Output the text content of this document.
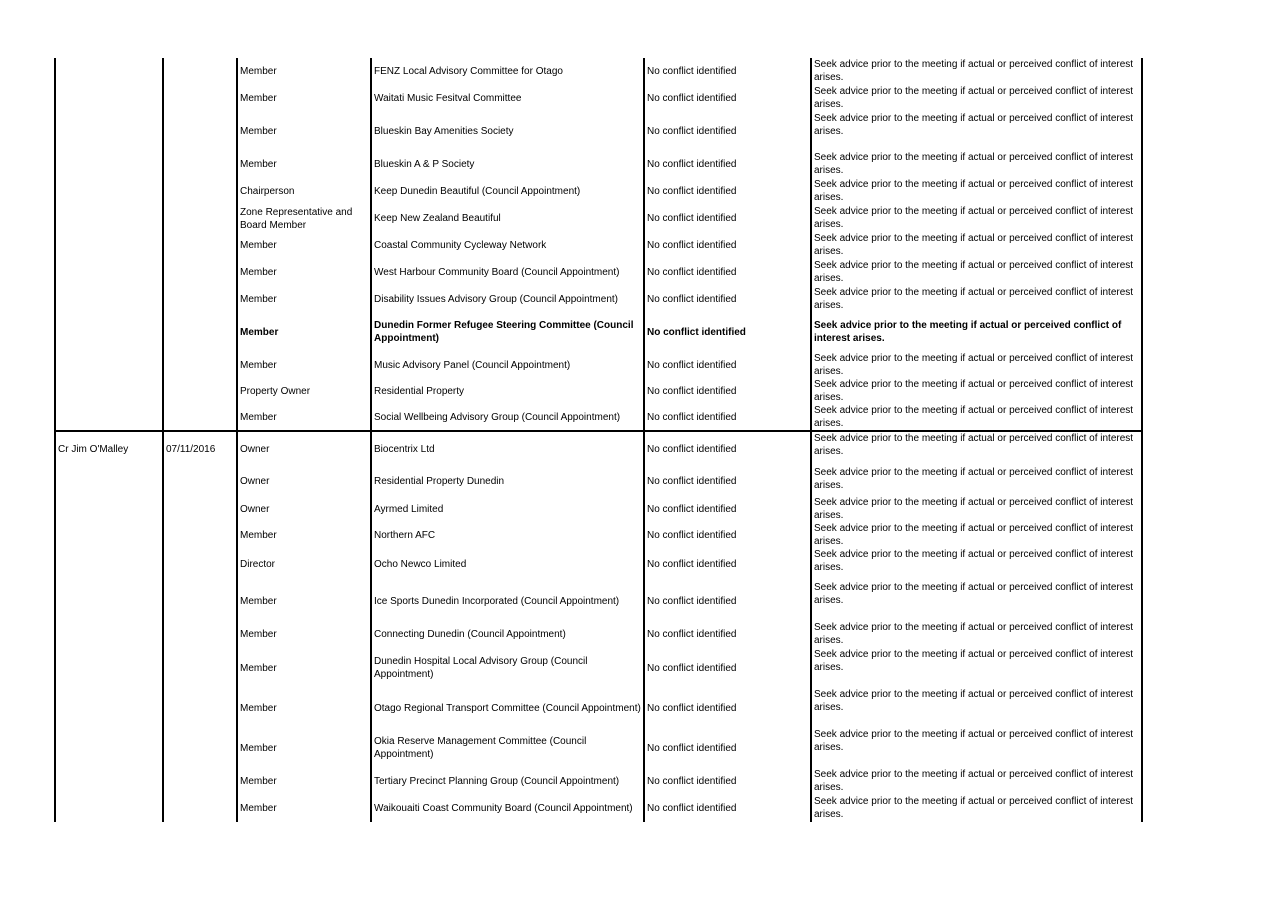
		Member	FENZ Local Advisory Committee for Otago	No conflict identified	Seek advice prior to the meeting if actual or perceived conflict of interest arises.
		Member	Waitati Music Fesitval Committee	No conflict identified	Seek advice prior to the meeting if actual or perceived conflict of interest arises.
		Member	Blueskin Bay Amenities Society	No conflict identified	Seek advice prior to the meeting if actual or perceived conflict of interest arises.
		Member	Blueskin A & P Society	No conflict identified	Seek advice prior to the meeting if actual or perceived conflict of interest arises.
		Chairperson	Keep Dunedin Beautiful (Council Appointment)	No conflict identified	Seek advice prior to the meeting if actual or perceived conflict of interest arises.
		Zone Representative and Board Member	Keep New Zealand Beautiful	No conflict identified	Seek advice prior to the meeting if actual or perceived conflict of interest arises.
		Member	Coastal Community Cycleway Network	No conflict identified	Seek advice prior to the meeting if actual or perceived conflict of interest arises.
		Member	West Harbour Community Board (Council Appointment)	No conflict identified	Seek advice prior to the meeting if actual or perceived conflict of interest arises.
		Member	Disability Issues Advisory Group (Council Appointment)	No conflict identified	Seek advice prior to the meeting if actual or perceived conflict of interest arises.
		Member	Dunedin Former Refugee Steering Committee (Council Appointment)	No conflict identified	Seek advice prior to the meeting if actual or perceived conflict of interest arises.
		Member	Music Advisory Panel (Council Appointment)	No conflict identified	Seek advice prior to the meeting if actual or perceived conflict of interest arises.
		Property Owner	Residential Property	No conflict identified	Seek advice prior to the meeting if actual or perceived conflict of interest arises.
		Member	Social Wellbeing Advisory Group (Council Appointment)	No conflict identified	Seek advice prior to the meeting if actual or perceived conflict of interest arises.
Cr Jim O'Malley	07/11/2016	Owner	Biocentrix Ltd	No conflict identified	Seek advice prior to the meeting if actual or perceived conflict of interest arises.
		Owner	Residential Property Dunedin	No conflict identified	Seek advice prior to the meeting if actual or perceived conflict of interest arises.
		Owner	Ayrmed Limited	No conflict identified	Seek advice prior to the meeting if actual or perceived conflict of interest arises.
		Member	Northern AFC	No conflict identified	Seek advice prior to the meeting if actual or perceived conflict of interest arises.
		Director	Ocho Newco Limited	No conflict identified	Seek advice prior to the meeting if actual or perceived conflict of interest arises.
		Member	Ice Sports Dunedin Incorporated (Council Appointment)	No conflict identified	Seek advice prior to the meeting if actual or perceived conflict of interest arises.
		Member	Connecting Dunedin (Council Appointment)	No conflict identified	Seek advice prior to the meeting if actual or perceived conflict of interest arises.
		Member	Dunedin Hospital Local Advisory Group (Council Appointment)	No conflict identified	Seek advice prior to the meeting if actual or perceived conflict of interest arises.
		Member	Otago Regional Transport Committee (Council Appointment)	No conflict identified	Seek advice prior to the meeting if actual or perceived conflict of interest arises.
		Member	Okia Reserve Management Committee (Council Appointment)	No conflict identified	Seek advice prior to the meeting if actual or perceived conflict of interest arises.
		Member	Tertiary Precinct Planning Group (Council Appointment)	No conflict identified	Seek advice prior to the meeting if actual or perceived conflict of interest arises.
		Member	Waikouaiti Coast Community Board (Council Appointment)	No conflict identified	Seek advice prior to the meeting if actual or perceived conflict of interest arises.
